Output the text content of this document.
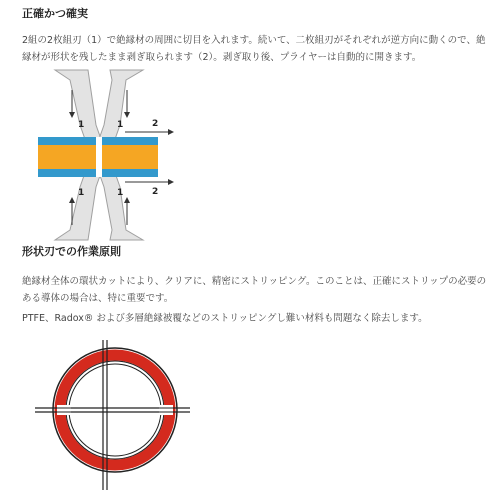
正確かつ確実

2組の2枚組刃（1）で絶縁材の周囲に切目を入れます。続いて、二枚組刃がそれぞれが逆方向に動くので、絶縁材が形状を残したまま剥ぎ取られます（2）。剥ぎ取り後、プライヤーは自動的に開きます。

1	1	2
1	1	2
形状刃での作業原則

絶縁材全体の環状カットにより、クリアに、精密にストリッピング。このことは、正確にストリップの必要のある導体の場合は、特に重要です。

PTFE、Radox® および多層絶縁被覆などのストリッピングし難い材料も問題なく除去します。
